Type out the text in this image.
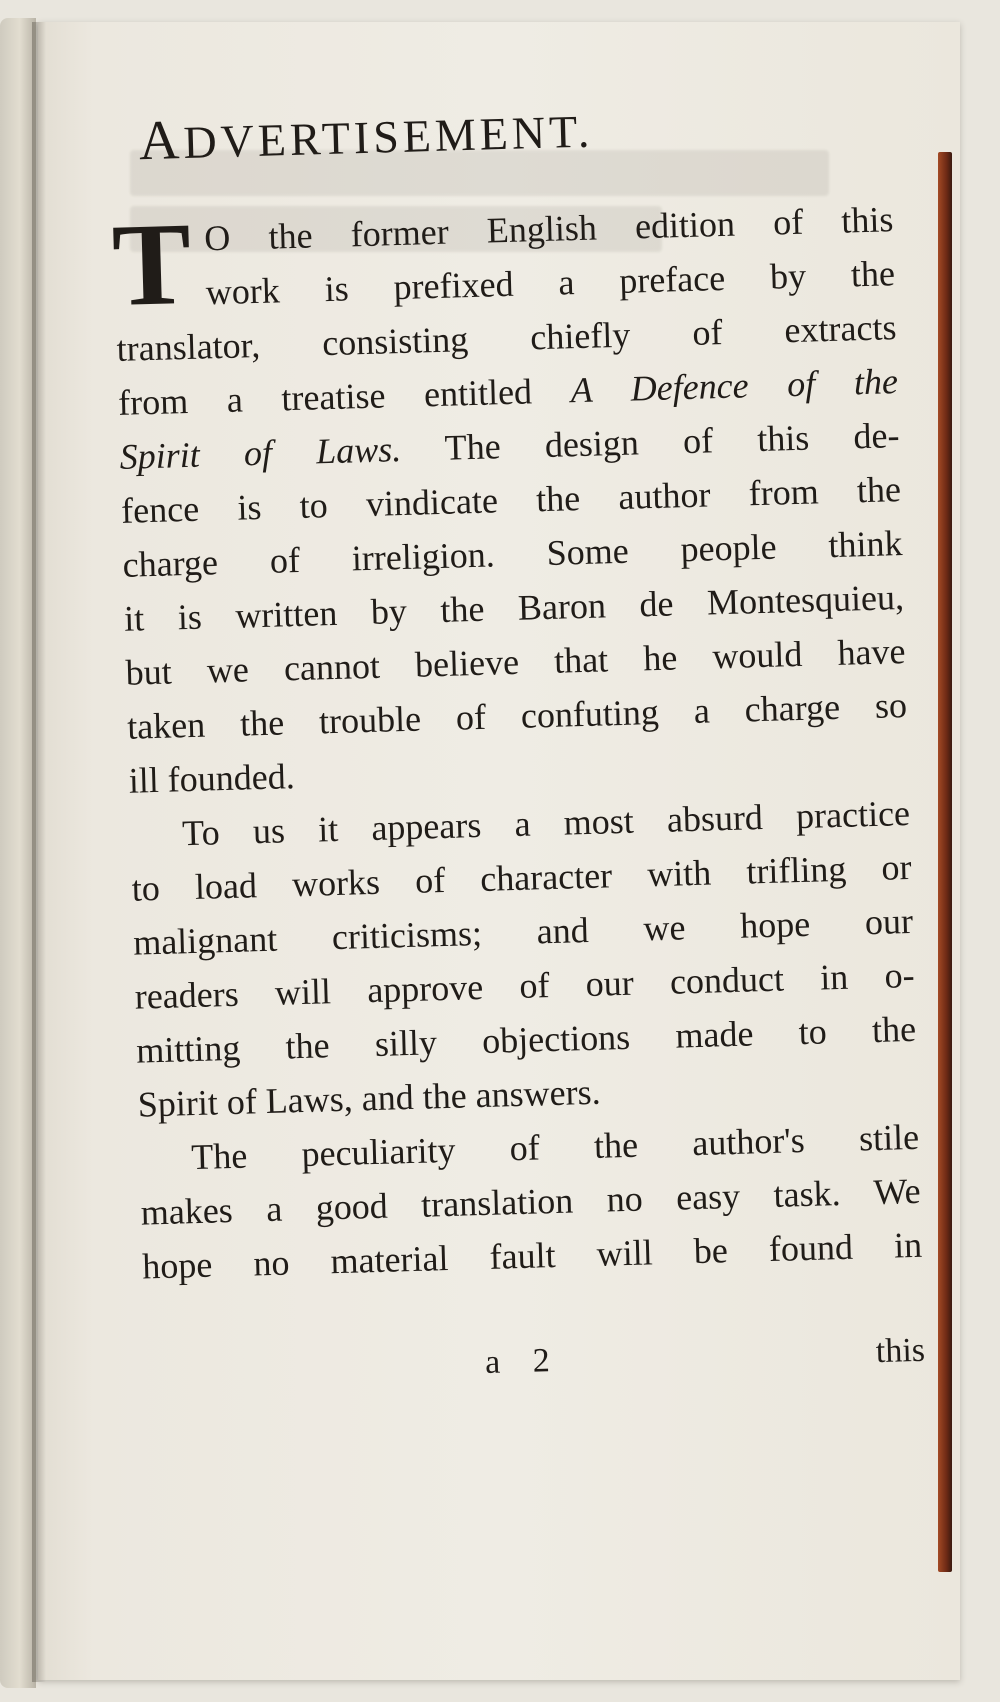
ADVERTISEMENT.
T O the former English edition of this
work is prefixed a preface by the
translator, consisting chiefly of extracts
from a treatise entitled A Defence of the
Spirit of Laws. The design of this de-
fence is to vindicate the author from the
charge of irreligion. Some people think
it is written by the Baron de Montesquieu,
but we cannot believe that he would have
taken the trouble of confuting a charge so
ill founded.
To us it appears a most absurd practice
to load works of character with trifling or
malignant criticisms; and we hope our
readers will approve of our conduct in o-
mitting the silly objections made to the
Spirit of Laws, and the answers.
The peculiarity of the author's stile
makes a good translation no easy task. We
hope no material fault will be found in
a 2	this
